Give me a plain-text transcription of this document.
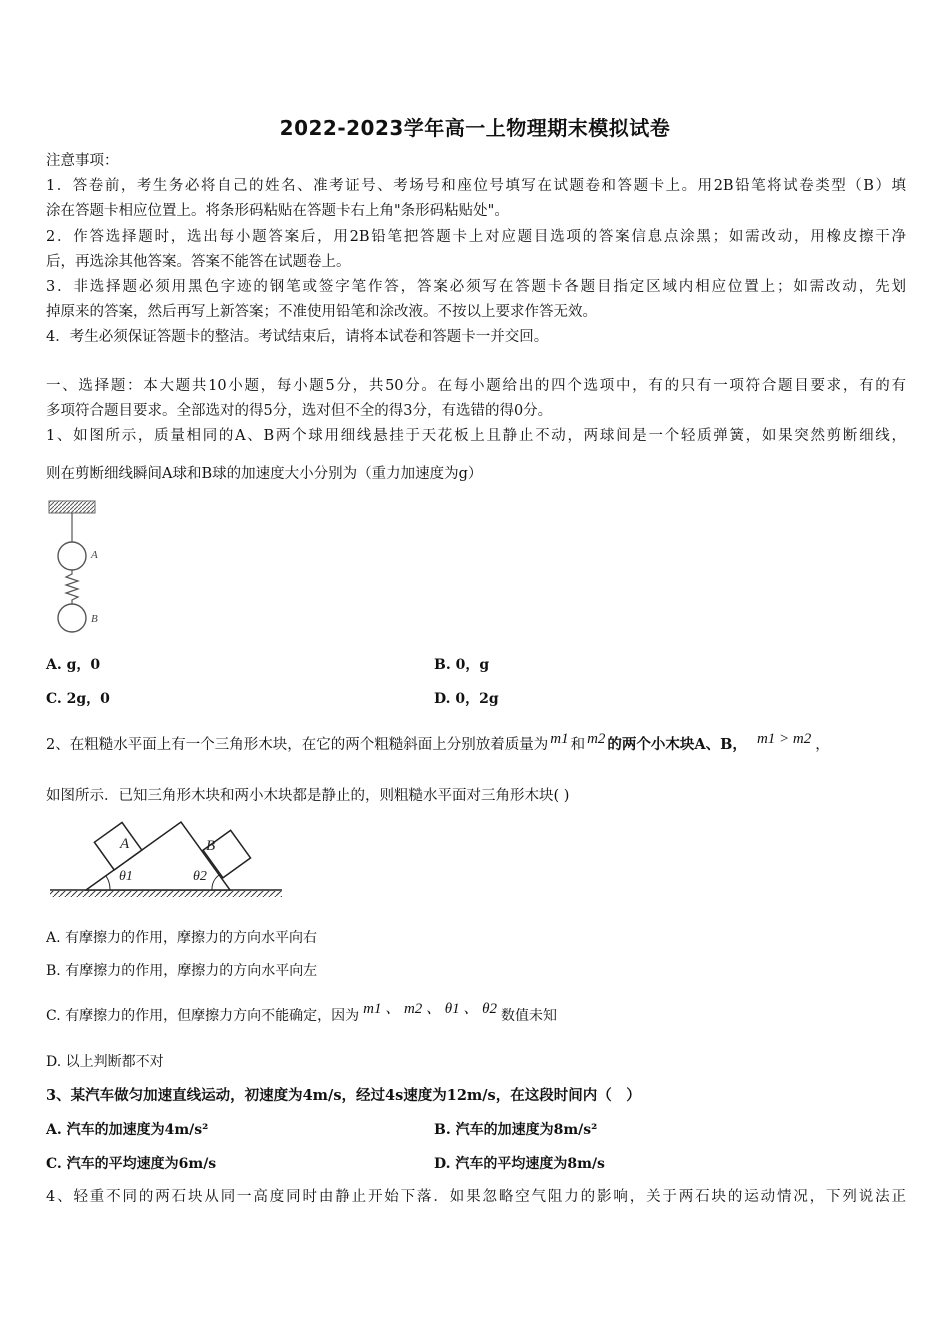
2022-2023学年高一上物理期末模拟试卷
注意事项：
1．答卷前，考生务必将自己的姓名、准考证号、考场号和座位号填写在试题卷和答题卡上。用2B铅笔将试卷类型（B）填
涂在答题卡相应位置上。将条形码粘贴在答题卡右上角"条形码粘贴处"。
2．作答选择题时，选出每小题答案后，用2B铅笔把答题卡上对应题目选项的答案信息点涂黑；如需改动，用橡皮擦干净
后，再选涂其他答案。答案不能答在试题卷上。
3．非选择题必须用黑色字迹的钢笔或签字笔作答，答案必须写在答题卡各题目指定区域内相应位置上；如需改动，先划
掉原来的答案，然后再写上新答案；不准使用铅笔和涂改液。不按以上要求作答无效。
4．考生必须保证答题卡的整洁。考试结束后，请将本试卷和答题卡一并交回。
一、选择题：本大题共10小题，每小题5分，共50分。在每小题给出的四个选项中，有的只有一项符合题目要求，有的有
多项符合题目要求。全部选对的得5分，选对但不全的得3分，有选错的得0分。
1、如图所示，质量相同的A、B两个球用细线悬挂于天花板上且静止不动，两球间是一个轻质弹簧，如果突然剪断细线，
则在剪断细线瞬间A球和B球的加速度大小分别为（重力加速度为g）
A
B
A. g，0	B. 0，g
C. 2g，0	D. 0，2g
2、在粗糙水平面上有一个三角形木块，在它的两个粗糙斜面上分别放着质量为 m1 和 m2 的两个小木块A、B， m1 > m2 ，
如图所示．已知三角形木块和两小木块都是静止的，则粗糙水平面对三角形木块( )
A	B
θ1	θ2
A. 有摩擦力的作用，摩擦力的方向水平向右
B. 有摩擦力的作用，摩擦力的方向水平向左
C. 有摩擦力的作用，但摩擦力方向不能确定，因为 m1 、 m2 、 θ1 、 θ2 数值未知
D. 以上判断都不对
3、某汽车做匀加速直线运动，初速度为4m/s，经过4s速度为12m/s，在这段时间内（　）
A. 汽车的加速度为4m/s²	B. 汽车的加速度为8m/s²
C. 汽车的平均速度为6m/s	D. 汽车的平均速度为8m/s
4、轻重不同的两石块从同一高度同时由静止开始下落．如果忽略空气阻力的影响，关于两石块的运动情况，下列说法正
